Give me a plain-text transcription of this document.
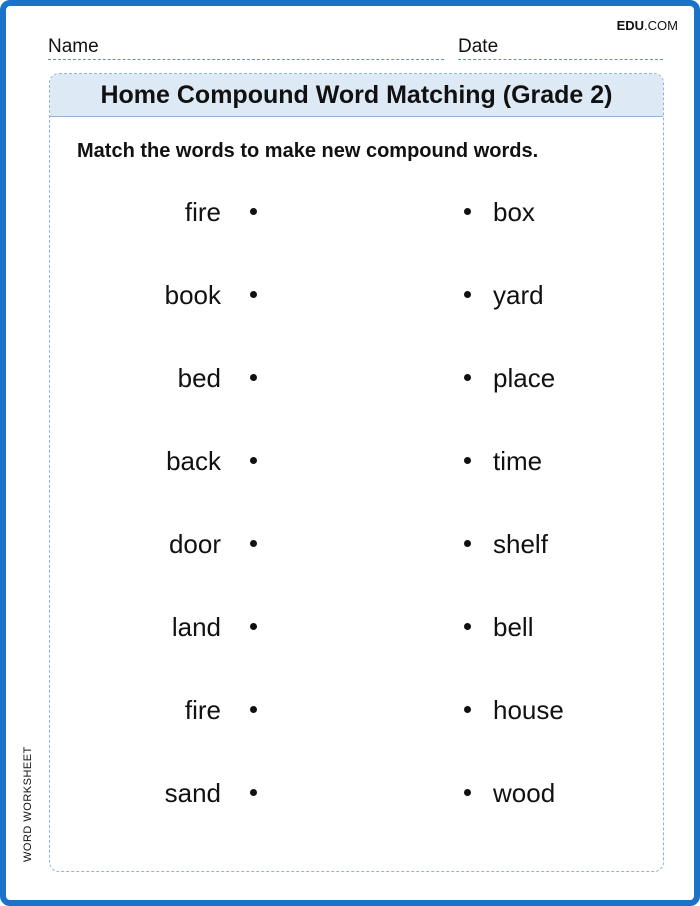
EDU.COM
Name	Date
Home Compound Word Matching (Grade 2)
Match the words to make new compound words.
fire	box
book	yard
bed	place
back	time
door	shelf
land	bell
fire	house
sand	wood
WORD WORKSHEET
